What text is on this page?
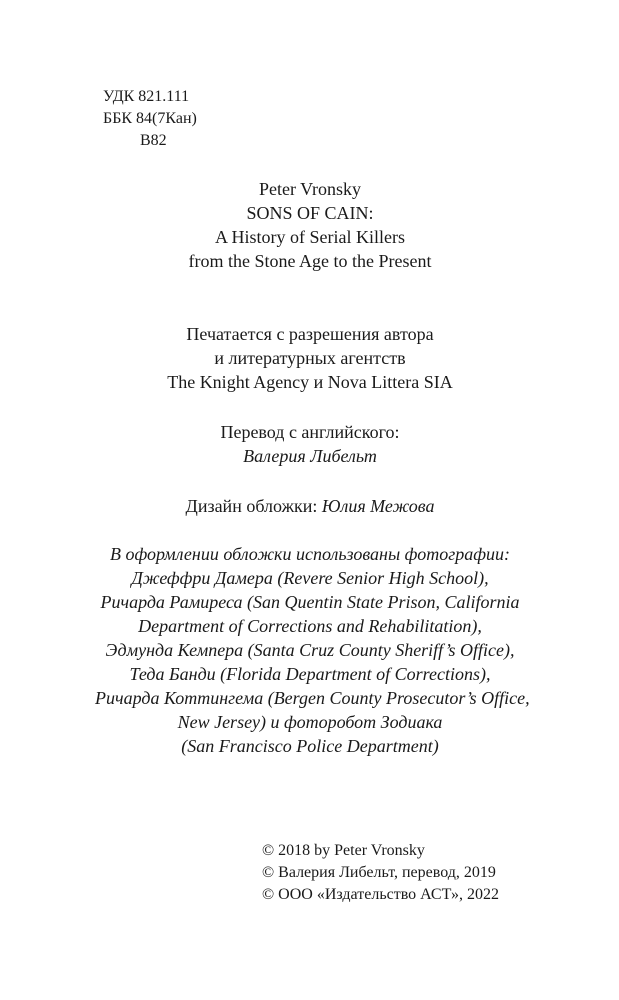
УДК 821.111
ББК 84(7Кан)
В82
Peter Vronsky
SONS OF CAIN:
A History of Serial Killers
from the Stone Age to the Present
Печатается с разрешения автора
и литературных агентств
The Knight Agency и Nova Littera SIA
Перевод с английского:
Валерия Либельт
Дизайн обложки: Юлия Межова
В оформлении обложки использованы фотографии:
Джеффри Дамера (Revere Senior High School),
Ричарда Рамиреса (San Quentin State Prison, California
Department of Corrections and Rehabilitation),
Эдмунда Кемпера (Santa Cruz County Sheriff’s Office),
Теда Банди (Florida Department of Corrections),
Ричарда Коттингема (Bergen County Prosecutor’s Office,
New Jersey) и фоторобот Зодиака
(San Francisco Police Department)
© 2018 by Peter Vronsky
© Валерия Либельт, перевод, 2019
© ООО «Издательство АСТ», 2022
